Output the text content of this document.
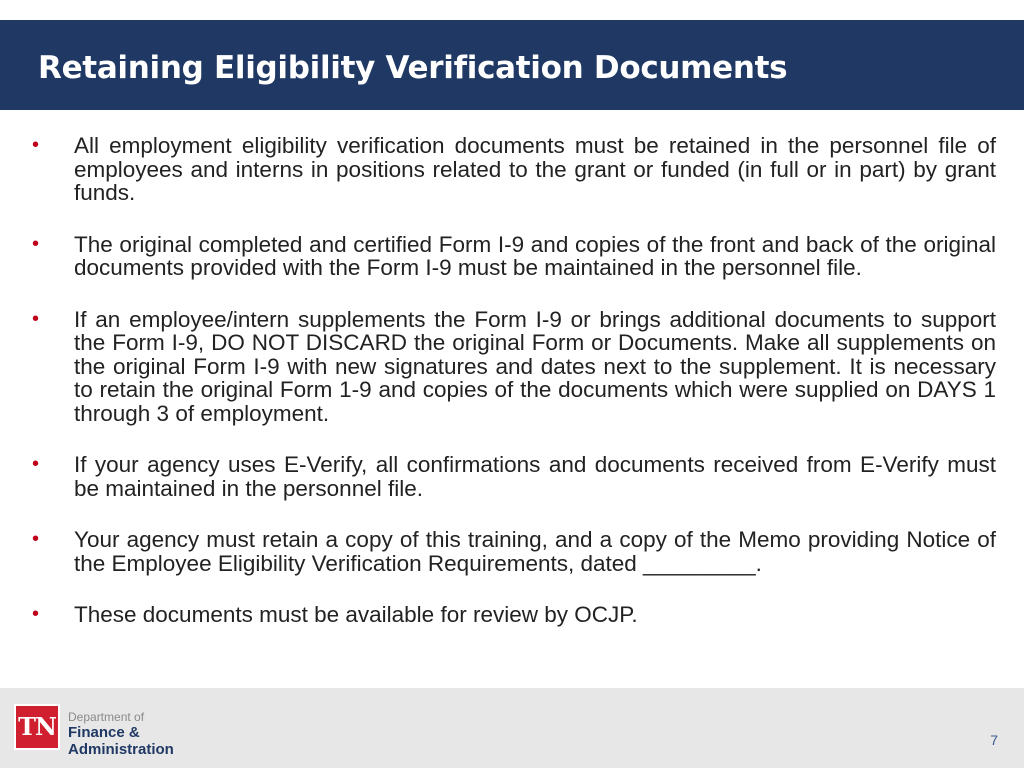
Retaining Eligibility Verification Documents
• All employment eligibility verification documents must be retained in the personnel file of employees and interns in positions related to the grant or funded (in full or in part) by grant funds.
• The original completed and certified Form I-9 and copies of the front and back of the original documents provided with the Form I-9 must be maintained in the personnel file.
• If an employee/intern supplements the Form I-9 or brings additional documents to support the Form I-9, DO NOT DISCARD the original Form or Documents. Make all supplements on the original Form I-9 with new signatures and dates next to the supplement. It is necessary to retain the original Form 1-9 and copies of the documents which were supplied on DAYS 1 through 3 of employment.
• If your agency uses E-Verify, all confirmations and documents received from E-Verify must be maintained in the personnel file.
• Your agency must retain a copy of this training, and a copy of the Memo providing Notice of the Employee Eligibility Verification Requirements, dated _________.
• These documents must be available for review by OCJP.
TN	Department of
Finance &
Administration
7
